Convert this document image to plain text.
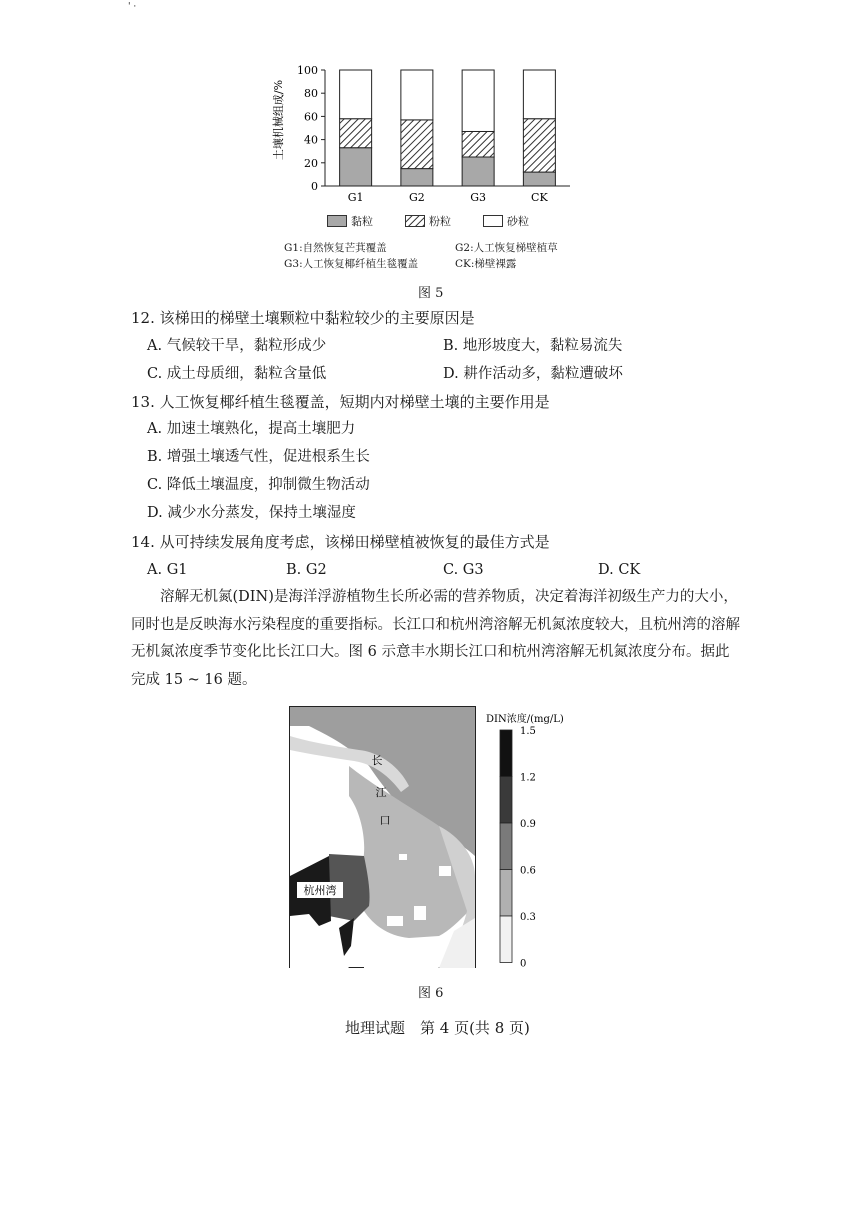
' ·
土壤机械组成/%
0
20
40
60
80
100
G1	G2	G3	CK
黏粒	粉粒	砂粒
G1:自然恢复芒萁覆盖	G2:人工恢复梯壁植草
G3:人工恢复椰纤植生毯覆盖	CK:梯壁裸露
图 5
12. 该梯田的梯壁土壤颗粒中黏粒较少的主要原因是
A. 气候较干旱，黏粒形成少	B. 地形坡度大，黏粒易流失
C. 成土母质细，黏粒含量低	D. 耕作活动多，黏粒遭破坏
13. 人工恢复椰纤植生毯覆盖，短期内对梯壁土壤的主要作用是
A. 加速土壤熟化，提高土壤肥力
B. 增强土壤透气性，促进根系生长
C. 降低土壤温度，抑制微生物活动
D. 减少水分蒸发，保持土壤湿度
14. 从可持续发展角度考虑，该梯田梯壁植被恢复的最佳方式是
A. G1	B. G2	C. G3	D. CK
溶解无机氮(DIN)是海洋浮游植物生长所必需的营养物质，决定着海洋初级生产力的大小，同时也是反映海水污染程度的重要指标。长江口和杭州湾溶解无机氮浓度较大，且杭州湾的溶解无机氮浓度季节变化比长江口大。图 6 示意丰水期长江口和杭州湾溶解无机氮浓度分布。据此完成 15 ~ 16 题。
长
江
口
杭州湾
DIN浓度/(mg/L)
1.5
1.2
0.9
0.6
0.3
0
图 6
地理试题　第 4 页(共 8 页)
